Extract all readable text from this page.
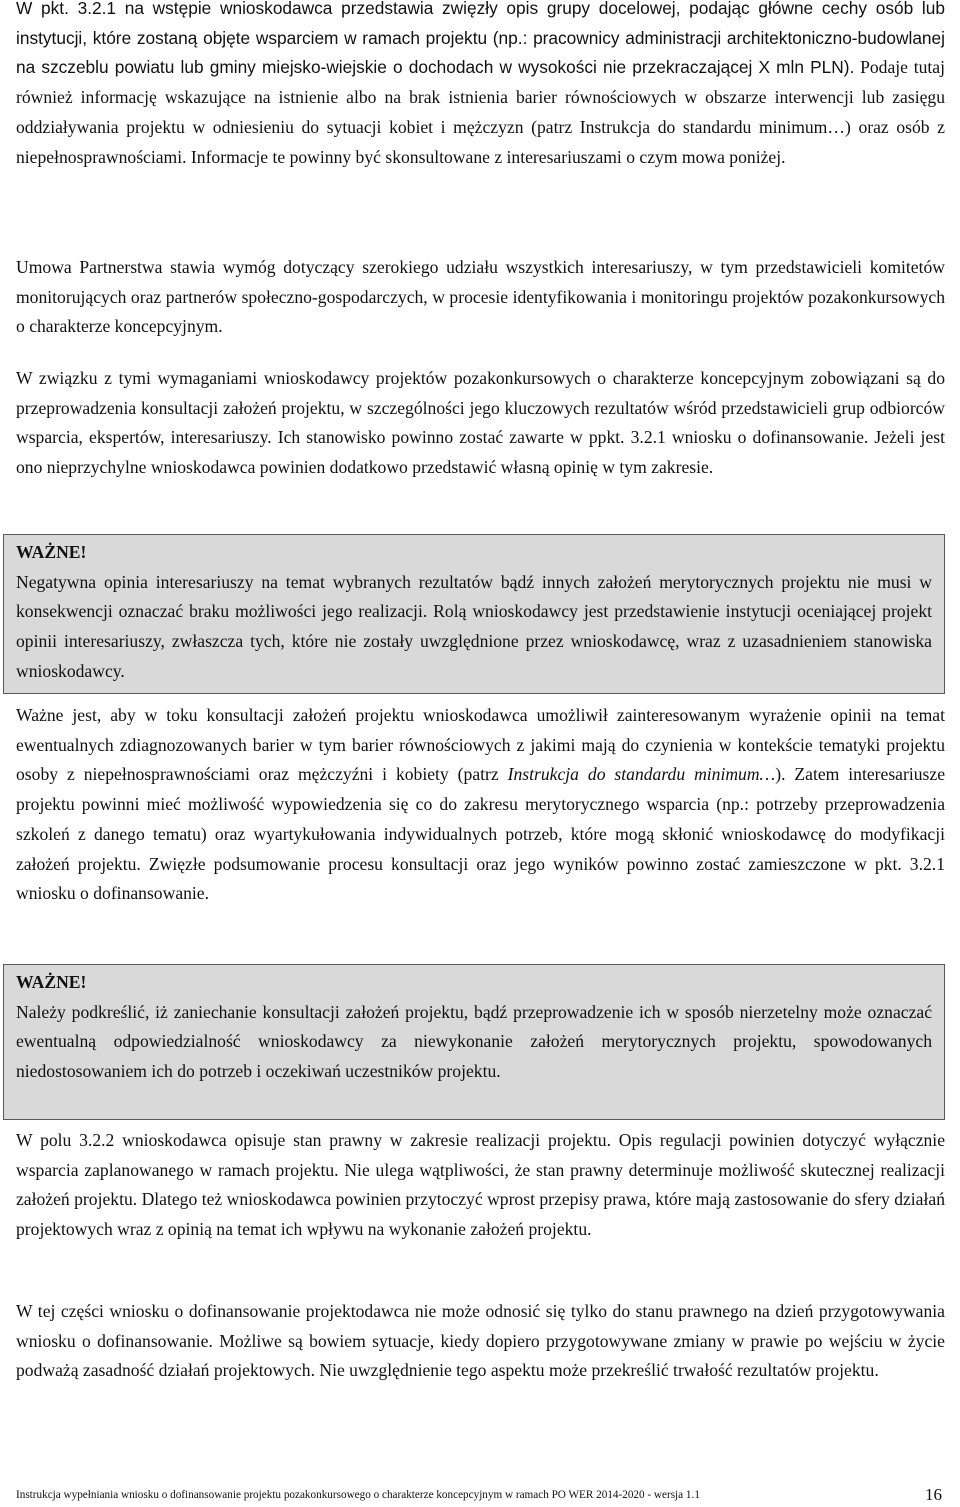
W pkt. 3.2.1 na wstępie wnioskodawca przedstawia zwięzły opis grupy docelowej, podając główne cechy osób lub instytucji, które zostaną objęte wsparciem w ramach projektu (np.: pracownicy administracji architektoniczno-budowlanej na szczeblu powiatu lub gminy miejsko-wiejskie o dochodach w wysokości nie przekraczającej X mln PLN). Podaje tutaj również informację wskazujące na istnienie albo na brak istnienia barier równościowych w obszarze interwencji lub zasięgu oddziaływania projektu w odniesieniu do sytuacji kobiet i mężczyzn (patrz Instrukcja do standardu minimum…) oraz osób z niepełnosprawnościami. Informacje te powinny być skonsultowane z interesariuszami o czym mowa poniżej.

Umowa Partnerstwa stawia wymóg dotyczący szerokiego udziału wszystkich interesariuszy, w tym przedstawicieli komitetów monitorujących oraz partnerów społeczno-gospodarczych, w procesie identyfikowania i monitoringu projektów pozakonkursowych o charakterze koncepcyjnym.

W związku z tymi wymaganiami wnioskodawcy projektów pozakonkursowych o charakterze koncepcyjnym zobowiązani są do przeprowadzenia konsultacji założeń projektu, w szczególności jego kluczowych rezultatów wśród przedstawicieli grup odbiorców wsparcia, ekspertów, interesariuszy. Ich stanowisko powinno zostać zawarte w ppkt. 3.2.1 wniosku o dofinansowanie. Jeżeli jest ono nieprzychylne wnioskodawca powinien dodatkowo przedstawić własną opinię w tym zakresie.

WAŻNE!

Negatywna opinia interesariuszy na temat wybranych rezultatów bądź innych założeń merytorycznych projektu nie musi w konsekwencji oznaczać braku możliwości jego realizacji. Rolą wnioskodawcy jest przedstawienie instytucji oceniającej projekt opinii interesariuszy, zwłaszcza tych, które nie zostały uwzględnione przez wnioskodawcę, wraz z uzasadnieniem stanowiska wnioskodawcy.

Ważne jest, aby w toku konsultacji założeń projektu wnioskodawca umożliwił zainteresowanym wyrażenie opinii na temat ewentualnych zdiagnozowanych barier w tym barier równościowych z jakimi mają do czynienia w kontekście tematyki projektu osoby z niepełnosprawnościami oraz mężczyźni i kobiety (patrz Instrukcja do standardu minimum…). Zatem interesariusze projektu powinni mieć możliwość wypowiedzenia się co do zakresu merytorycznego wsparcia (np.: potrzeby przeprowadzenia szkoleń z danego tematu) oraz wyartykułowania indywidualnych potrzeb, które mogą skłonić wnioskodawcę do modyfikacji założeń projektu. Zwięzłe podsumowanie procesu konsultacji oraz jego wyników powinno zostać zamieszczone w pkt. 3.2.1 wniosku o dofinansowanie.

WAŻNE!

Należy podkreślić, iż zaniechanie konsultacji założeń projektu, bądź przeprowadzenie ich w sposób nierzetelny może oznaczać ewentualną odpowiedzialność wnioskodawcy za niewykonanie założeń merytorycznych projektu, spowodowanych niedostosowaniem ich do potrzeb i oczekiwań uczestników projektu.

W polu 3.2.2 wnioskodawca opisuje stan prawny w zakresie realizacji projektu. Opis regulacji powinien dotyczyć wyłącznie wsparcia zaplanowanego w ramach projektu. Nie ulega wątpliwości, że stan prawny determinuje możliwość skutecznej realizacji założeń projektu. Dlatego też wnioskodawca powinien przytoczyć wprost przepisy prawa, które mają zastosowanie do sfery działań projektowych wraz z opinią na temat ich wpływu na wykonanie założeń projektu.

W tej części wniosku o dofinansowanie projektodawca nie może odnosić się tylko do stanu prawnego na dzień przygotowywania wniosku o dofinansowanie. Możliwe są bowiem sytuacje, kiedy dopiero przygotowywane zmiany w prawie po wejściu w życie podważą zasadność działań projektowych. Nie uwzględnienie tego aspektu może przekreślić trwałość rezultatów projektu.

Instrukcja wypełniania wniosku o dofinansowanie projektu pozakonkursowego o charakterze koncepcyjnym w ramach PO WER 2014-2020 - wersja 1.1	16
